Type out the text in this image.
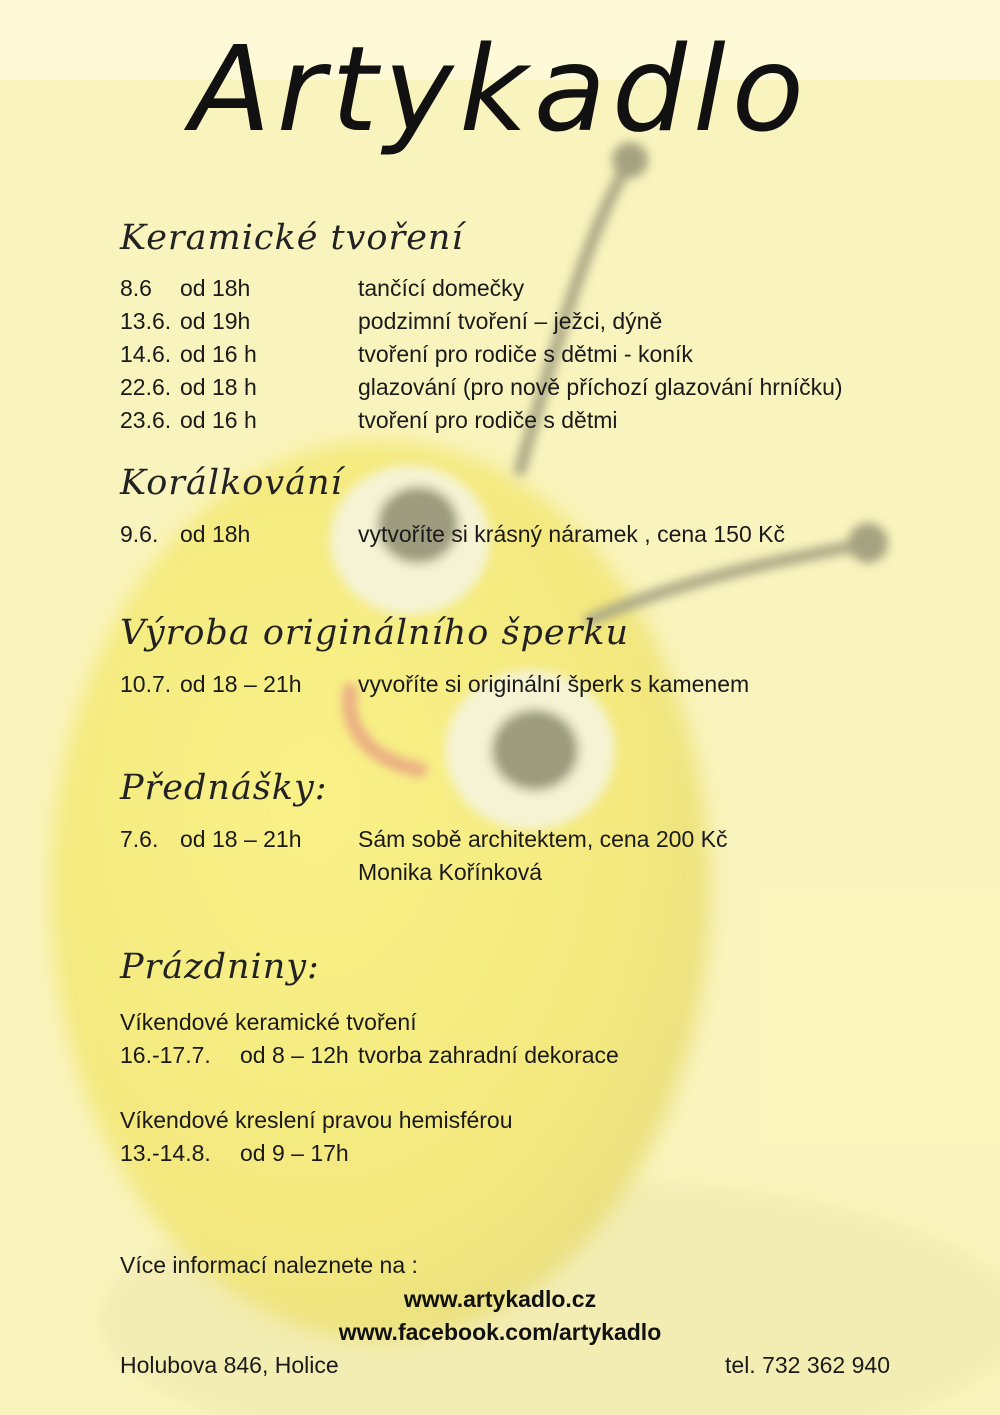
Artykadlo
Keramické tvoření
8.6 od 18h	tančící domečky
13.6. od 19h	podzimní tvoření – ježci, dýně
14.6. od 16 h	tvoření pro rodiče s dětmi - koník
22.6. od 18 h	glazování (pro nově příchozí glazování hrníčku)
23.6. od 16 h	tvoření pro rodiče s dětmi
Korálkování
9.6. od 18h	vytvoříte si krásný náramek , cena 150 Kč
Výroba originálního šperku
10.7. od 18 – 21h vyvoříte si originální šperk s kamenem
Přednášky:
7.6. od 18 – 21h Sám sobě architektem, cena 200 Kč
Monika Kořínková
Prázdniny:
Víkendové keramické tvoření
16.-17.7. od 8 – 12h tvorba zahradní dekorace
Víkendové kreslení pravou hemisférou
13.-14.8. od 9 – 17h
Více informací naleznete na :
www.artykadlo.cz
www.facebook.com/artykadlo
Holubova 846, Holice	tel. 732 362 940
